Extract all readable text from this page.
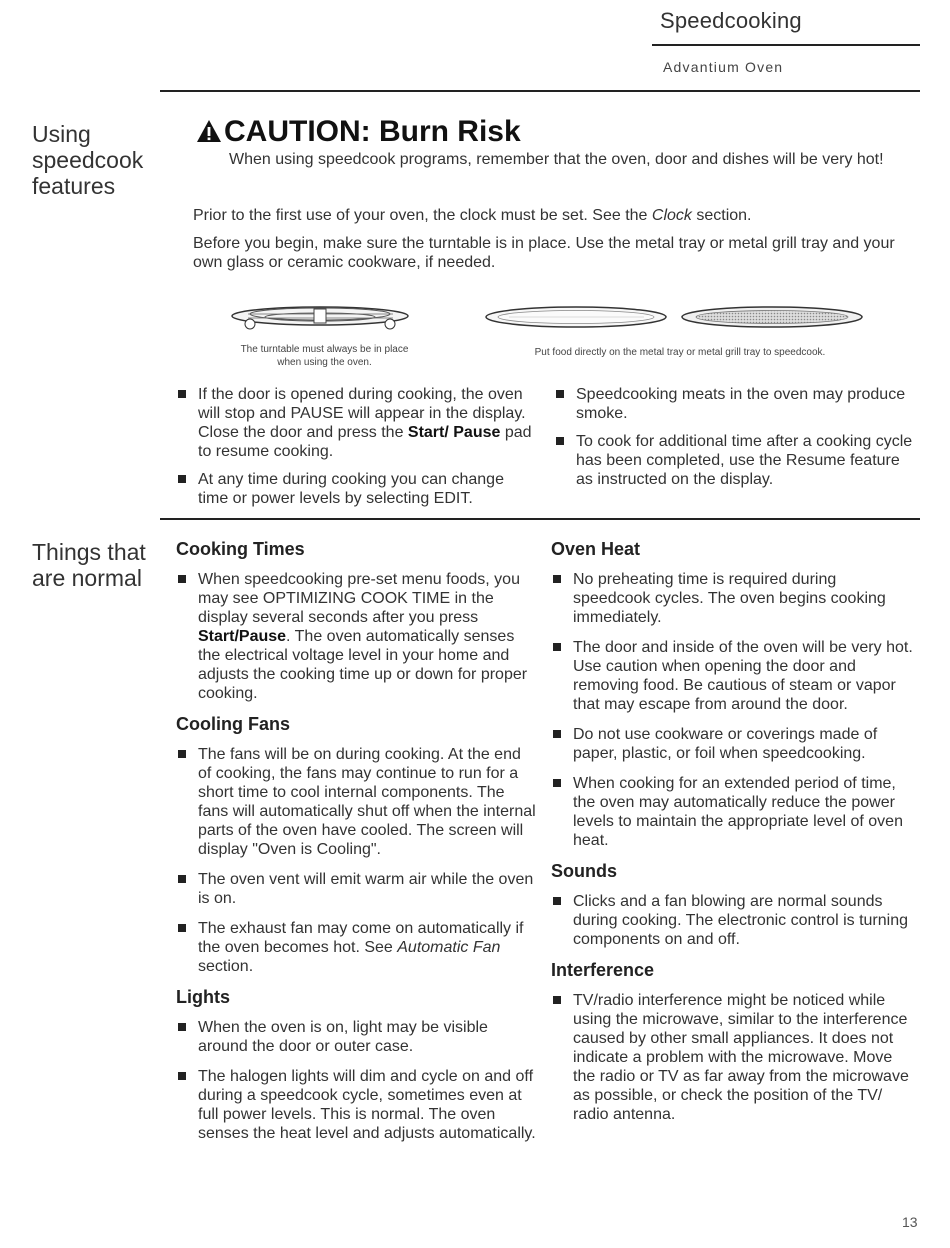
Speedcooking
Advantium Oven
Using
speedcook
features
CAUTION: Burn Risk
When using speedcook programs, remember that the oven, door and dishes will be very hot!
Prior to the first use of your oven, the clock must be set. See the Clock section.
Before you begin, make sure the turntable is in place. Use the metal tray or metal grill tray and your own glass or ceramic cookware, if needed.
The turntable must always be in place when using the oven.
Put food directly on the metal tray or metal grill tray to speedcook.
If the door is opened during cooking, the oven will stop and PAUSE will appear in the display. Close the door and press the Start/ Pause pad to resume cooking.
At any time during cooking you can change time or power levels by selecting EDIT.
Speedcooking meats in the oven may produce smoke.
To cook for additional time after a cooking cycle has been completed, use the Resume feature as instructed on the display.
Things that
are normal
Cooking Times
When speedcooking pre-set menu foods, you may see OPTIMIZING COOK TIME in the display several seconds after you press Start/Pause. The oven automatically senses the electrical voltage level in your home and adjusts the cooking time up or down for proper cooking.
Cooling Fans
The fans will be on during cooking. At the end of cooking, the fans may continue to run for a short time to cool internal components. The fans will automatically shut off when the internal parts of the oven have cooled. The screen will display "Oven is Cooling".
The oven vent will emit warm air while the oven is on.
The exhaust fan may come on automatically if the oven becomes hot. See Automatic Fan section.
Lights
When the oven is on, light may be visible around the door or outer case.
The halogen lights will dim and cycle on and off during a speedcook cycle, sometimes even at full power levels. This is normal. The oven senses the heat level and adjusts automatically.
Oven Heat
No preheating time is required during speedcook cycles. The oven begins cooking immediately.
The door and inside of the oven will be very hot. Use caution when opening the door and removing food. Be cautious of steam or vapor that may escape from around the door.
Do not use cookware or coverings made of paper, plastic, or foil when speedcooking.
When cooking for an extended period of time, the oven may automatically reduce the power levels to maintain the appropriate level of oven heat.
Sounds
Clicks and a fan blowing are normal sounds during cooking. The electronic control is turning components on and off.
Interference
TV/radio interference might be noticed while using the microwave, similar to the interference caused by other small appliances. It does not indicate a problem with the microwave. Move the radio or TV as far away from the microwave as possible, or check the position of the TV/ radio antenna.
13
